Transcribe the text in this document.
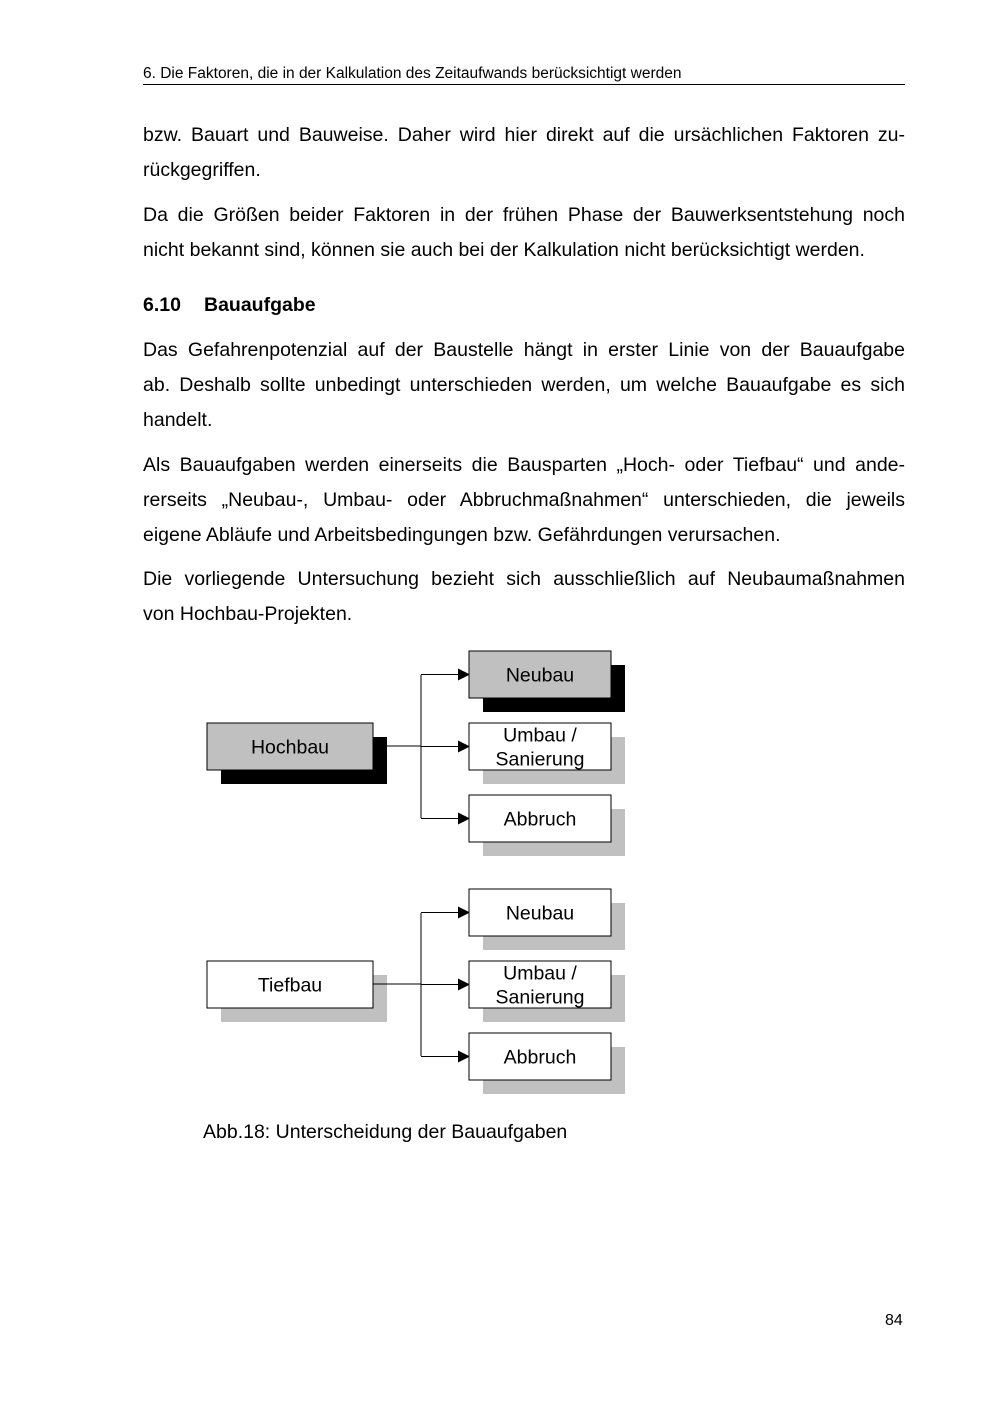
6. Die Faktoren, die in der Kalkulation des Zeitaufwands berücksichtigt werden
bzw. Bauart und Bauweise. Daher wird hier direkt auf die ursächlichen Faktoren zu-
rückgegriffen.
Da die Größen beider Faktoren in der frühen Phase der Bauwerksentstehung noch
nicht bekannt sind, können sie auch bei der Kalkulation nicht berücksichtigt werden.
6.10 Bauaufgabe
Das Gefahrenpotenzial auf der Baustelle hängt in erster Linie von der Bauaufgabe
ab. Deshalb sollte unbedingt unterschieden werden, um welche Bauaufgabe es sich
handelt.
Als Bauaufgaben werden einerseits die Bausparten „Hoch- oder Tiefbau“ und ande-
rerseits „Neubau-, Umbau- oder Abbruchmaßnahmen“ unterschieden, die jeweils
eigene Abläufe und Arbeitsbedingungen bzw. Gefährdungen verursachen.
Die vorliegende Untersuchung bezieht sich ausschließlich auf Neubaumaßnahmen
von Hochbau-Projekten.
Hochbau
Neubau
Umbau /
Sanierung
Abbruch
Tiefbau
Neubau
Umbau /
Sanierung
Abbruch
Abb.18: Unterscheidung der Bauaufgaben
84
